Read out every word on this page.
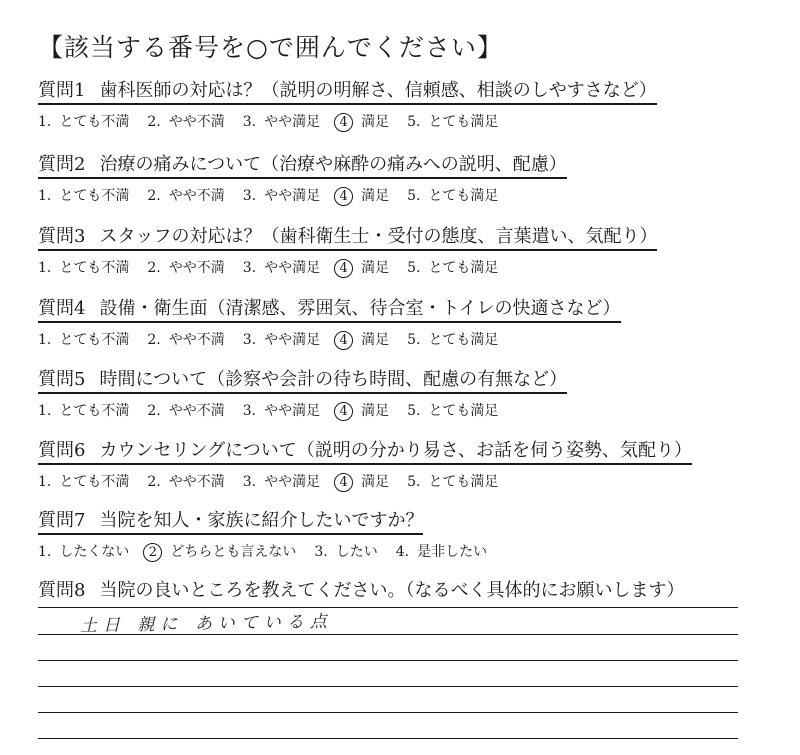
【該当する番号を○で囲んでください】
質問1 歯科医師の対応は？（説明の明解さ、信頼感、相談のしやすさなど）
1. とても不満 2. やや不満 3. やや満足 4 満足 5. とても満足
質問2 治療の痛みについて（治療や麻酔の痛みへの説明、配慮）
1. とても不満 2. やや不満 3. やや満足 4 満足 5. とても満足
質問3 スタッフの対応は？（歯科衛生士・受付の態度、言葉遣い、気配り）
1. とても不満 2. やや不満 3. やや満足 4 満足 5. とても満足
質問4 設備・衛生面（清潔感、雰囲気、待合室・トイレの快適さなど）
1. とても不満 2. やや不満 3. やや満足 4 満足 5. とても満足
質問5 時間について（診察や会計の待ち時間、配慮の有無など）
1. とても不満 2. やや不満 3. やや満足 4 満足 5. とても満足
質問6 カウンセリングについて（説明の分かり易さ、お話を伺う姿勢、気配り）
1. とても不満 2. やや不満 3. やや満足 4 満足 5. とても満足
質問7 当院を知人・家族に紹介したいですか？
1. したくない 2 どちらとも言えない 3. したい 4. 是非したい
質問8 当院の良いところを教えてください。（なるべく具体的にお願いします）
土日 親に あいている点
